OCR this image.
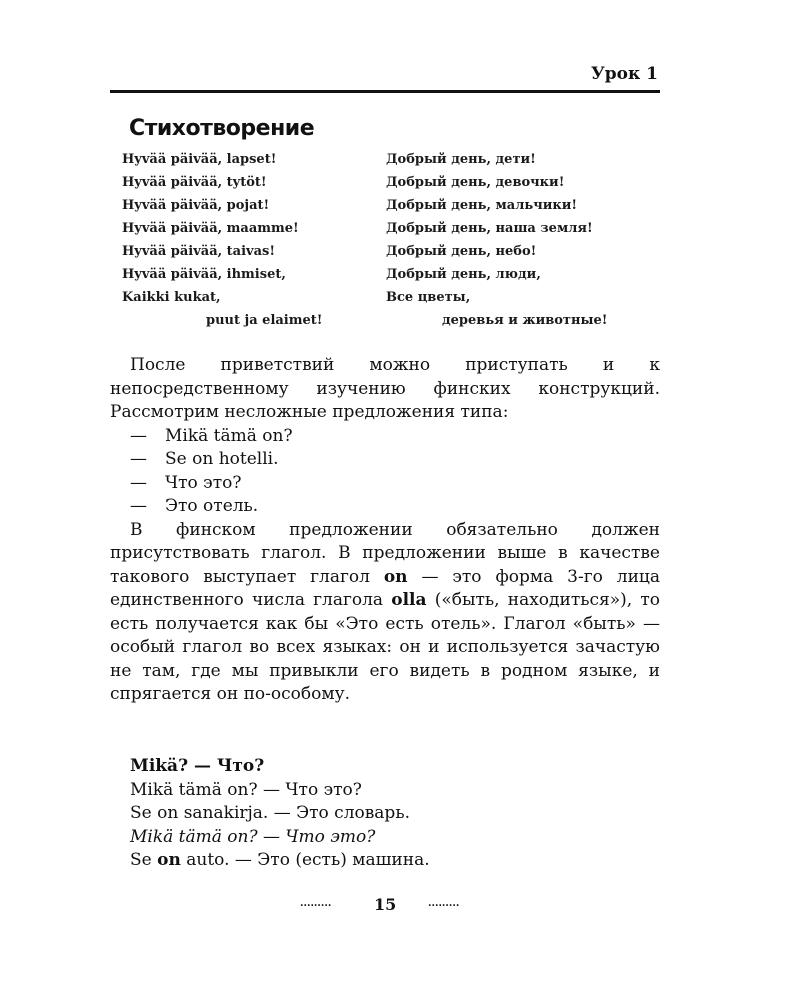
Урок 1
Стихотворение
Hyvää päivää, lapset!	Добрый день, дети!
Hyvää päivää, tytöt!	Добрый день, девочки!
Hyvää päivää, pojat!	Добрый день, мальчики!
Hyvää päivää, maamme!	Добрый день, наша земля!
Hyvää päivää, taivas!	Добрый день, небо!
Hyvää päivää, ihmiset,	Добрый день, люди,
Kaikki kukat,	Все цветы,
puut ja elaimet!	деревья и животные!

После приветствий можно приступать и к непосредственному изучению финских конструкций. Рассмотрим несложные предложения типа:

— Mikä tämä on?

— Se on hotelli.

— Что это?

— Это отель.

В финском предложении обязательно должен присутствовать глагол. В предложении выше в качестве такового выступает глагол on — это форма 3-го лица единственного числа глагола olla («быть, находиться»), то есть получается как бы «Это есть отель». Глагол «быть» — особый глагол во всех языках: он и используется зачастую не там, где мы привыкли его видеть в родном языке, и спрягается он по-особому.

Mikä? — Что?
Mikä tämä on? — Что это?
Se on sanakirja. — Это словарь.
Mikä tämä on? — Что это?
Se on auto. — Это (есть) машина.
.........	15	.........
